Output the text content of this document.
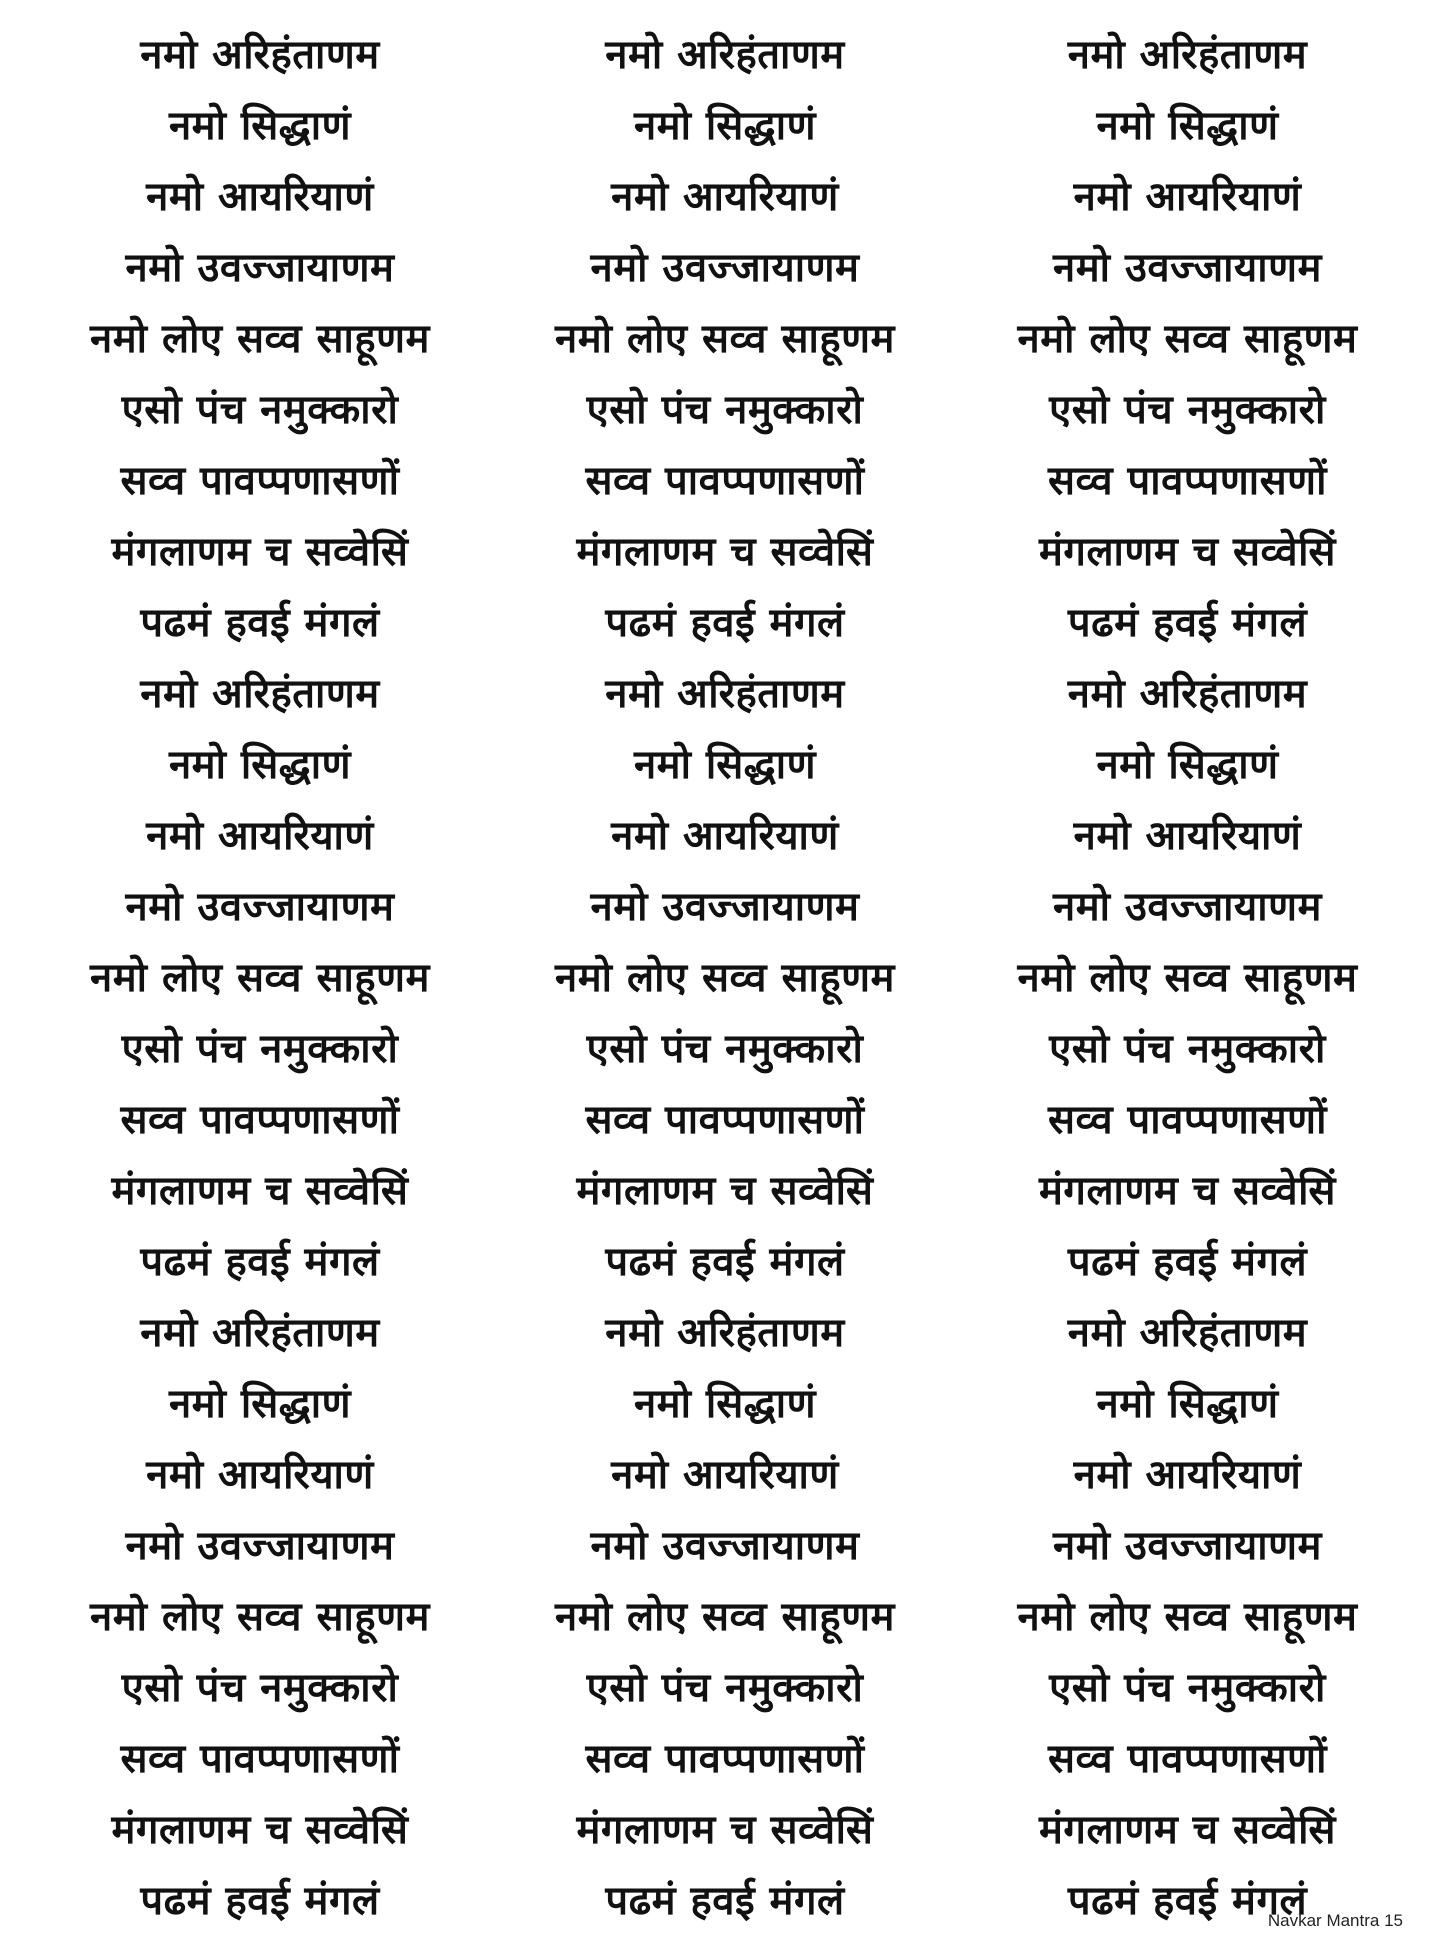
नमो अरिहंताणम
नमो सिद्धाणं
नमो आयरियाणं
नमो उवज्जायाणम
नमो लोए सव्व साहूणम
एसो पंच नमुक्कारो
सव्व पावप्पणासणों
मंगलाणम च सव्वेसिं
पढमं हवई मंगलं
नमो अरिहंताणम
नमो सिद्धाणं
नमो आयरियाणं
नमो उवज्जायाणम
नमो लोए सव्व साहूणम
एसो पंच नमुक्कारो
सव्व पावप्पणासणों
मंगलाणम च सव्वेसिं
पढमं हवई मंगलं
नमो अरिहंताणम
नमो सिद्धाणं
नमो आयरियाणं
नमो उवज्जायाणम
नमो लोए सव्व साहूणम
एसो पंच नमुक्कारो
सव्व पावप्पणासणों
मंगलाणम च सव्वेसिं
पढमं हवई मंगलं
नमो अरिहंताणम
नमो सिद्धाणं
नमो आयरियाणं
नमो उवज्जायाणम
नमो लोए सव्व साहूणम
एसो पंच नमुक्कारो
सव्व पावप्पणासणों
मंगलाणम च सव्वेसिं
पढमं हवई मंगलं
नमो अरिहंताणम
नमो सिद्धाणं
नमो आयरियाणं
नमो उवज्जायाणम
नमो लोए सव्व साहूणम
एसो पंच नमुक्कारो
सव्व पावप्पणासणों
मंगलाणम च सव्वेसिं
पढमं हवई मंगलं
नमो अरिहंताणम
नमो सिद्धाणं
नमो आयरियाणं
नमो उवज्जायाणम
नमो लोए सव्व साहूणम
एसो पंच नमुक्कारो
सव्व पावप्पणासणों
मंगलाणम च सव्वेसिं
पढमं हवई मंगलं
नमो अरिहंताणम
नमो सिद्धाणं
नमो आयरियाणं
नमो उवज्जायाणम
नमो लोए सव्व साहूणम
एसो पंच नमुक्कारो
सव्व पावप्पणासणों
मंगलाणम च सव्वेसिं
पढमं हवई मंगलं
नमो अरिहंताणम
नमो सिद्धाणं
नमो आयरियाणं
नमो उवज्जायाणम
नमो लोए सव्व साहूणम
एसो पंच नमुक्कारो
सव्व पावप्पणासणों
मंगलाणम च सव्वेसिं
पढमं हवई मंगलं
नमो अरिहंताणम
नमो सिद्धाणं
नमो आयरियाणं
नमो उवज्जायाणम
नमो लोए सव्व साहूणम
एसो पंच नमुक्कारो
सव्व पावप्पणासणों
मंगलाणम च सव्वेसिं
पढमं हवई मंगलं
Navkar Mantra 15
